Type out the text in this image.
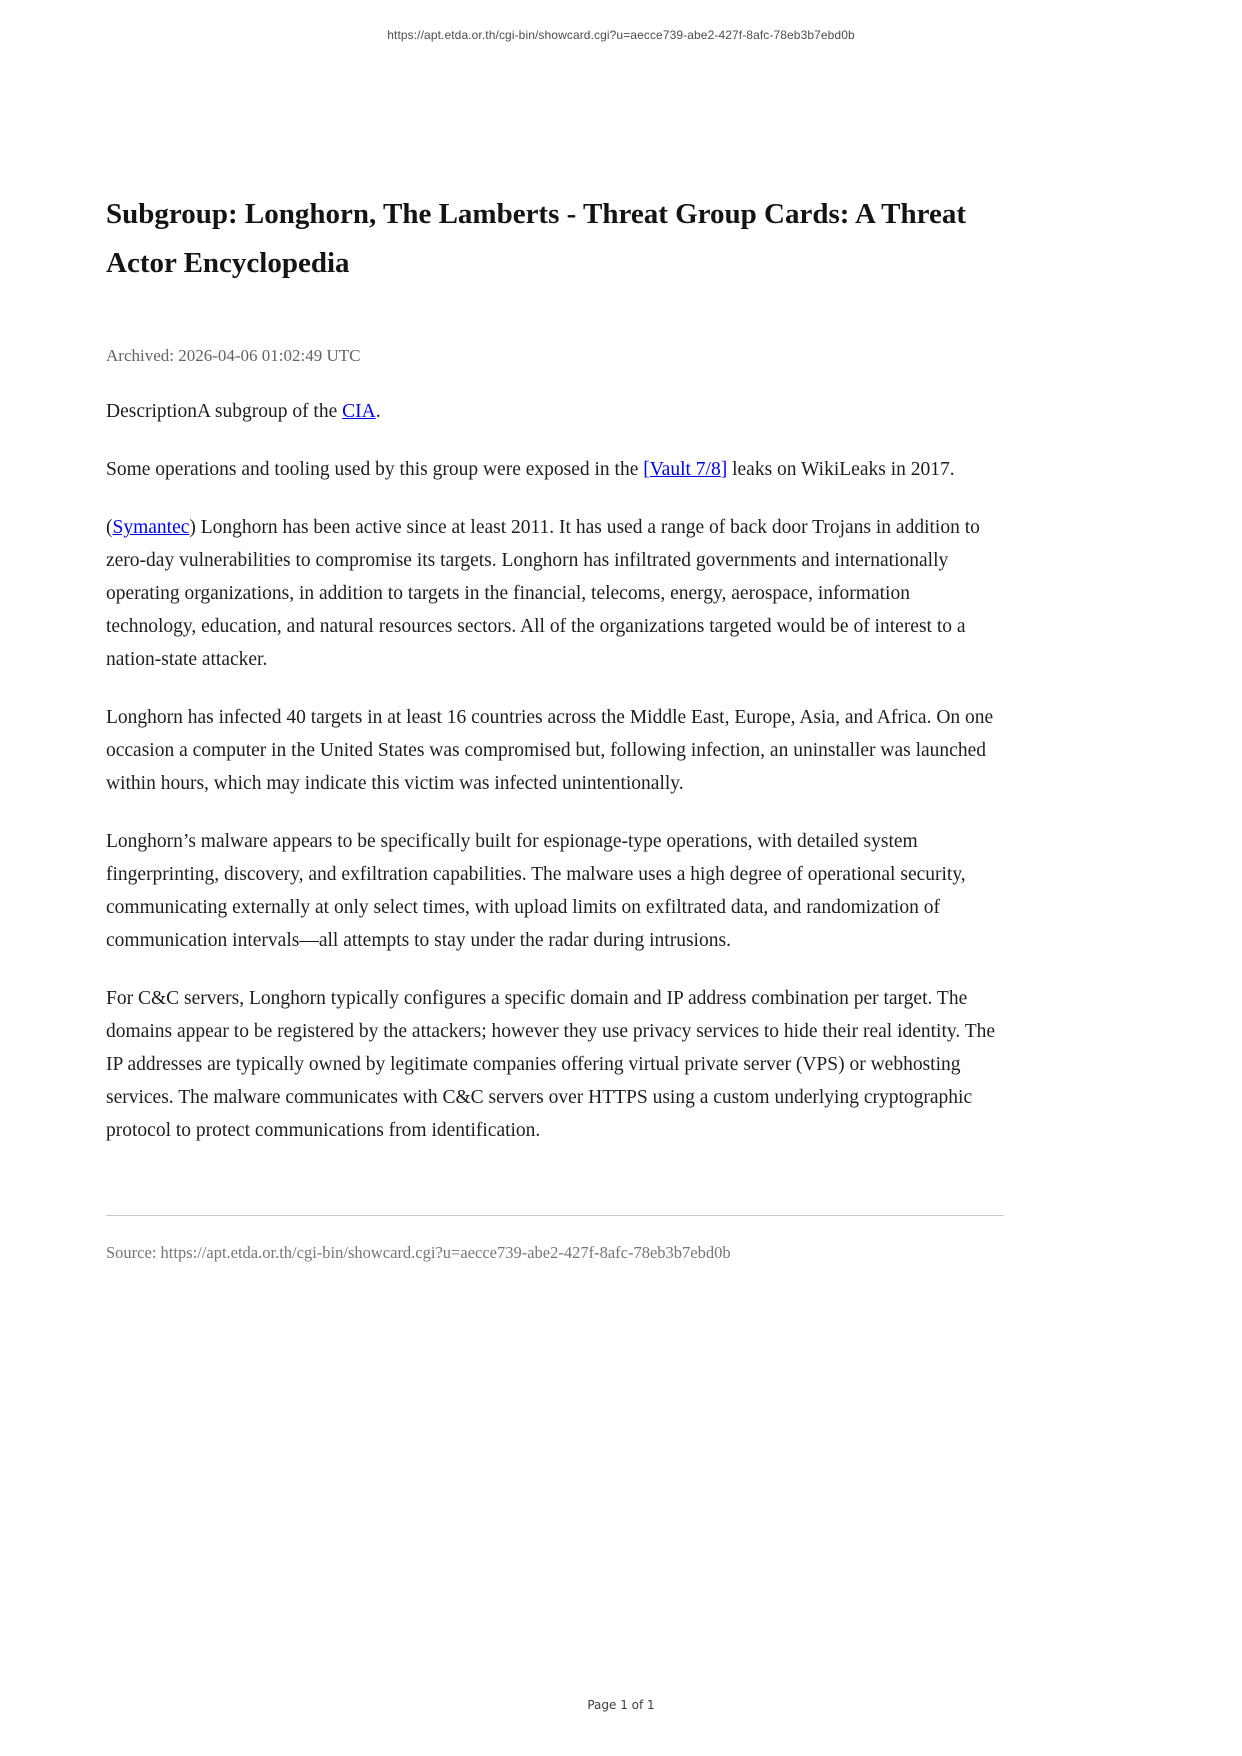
https://apt.etda.or.th/cgi-bin/showcard.cgi?u=aecce739-abe2-427f-8afc-78eb3b7ebd0b
Subgroup: Longhorn, The Lamberts - Threat Group Cards: A Threat Actor Encyclopedia
Archived: 2026-04-06 01:02:49 UTC

DescriptionA subgroup of the CIA.

Some operations and tooling used by this group were exposed in the [Vault 7/8] leaks on WikiLeaks in 2017.

(Symantec) Longhorn has been active since at least 2011. It has used a range of back door Trojans in addition to zero-day vulnerabilities to compromise its targets. Longhorn has infiltrated governments and internationally operating organizations, in addition to targets in the financial, telecoms, energy, aerospace, information technology, education, and natural resources sectors. All of the organizations targeted would be of interest to a nation-state attacker.

Longhorn has infected 40 targets in at least 16 countries across the Middle East, Europe, Asia, and Africa. On one occasion a computer in the United States was compromised but, following infection, an uninstaller was launched within hours, which may indicate this victim was infected unintentionally.

Longhorn’s malware appears to be specifically built for espionage-type operations, with detailed system fingerprinting, discovery, and exfiltration capabilities. The malware uses a high degree of operational security, communicating externally at only select times, with upload limits on exfiltrated data, and randomization of communication intervals—all attempts to stay under the radar during intrusions.

For C&C servers, Longhorn typically configures a specific domain and IP address combination per target. The domains appear to be registered by the attackers; however they use privacy services to hide their real identity. The IP addresses are typically owned by legitimate companies offering virtual private server (VPS) or webhosting services. The malware communicates with C&C servers over HTTPS using a custom underlying cryptographic protocol to protect communications from identification.

Source: https://apt.etda.or.th/cgi-bin/showcard.cgi?u=aecce739-abe2-427f-8afc-78eb3b7ebd0b
Page 1 of 1
